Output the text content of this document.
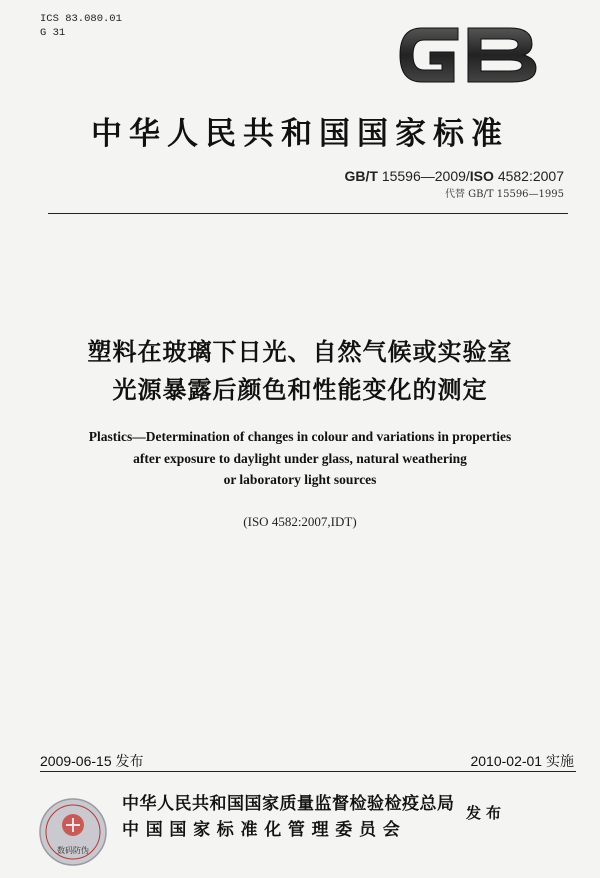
ICS 83.080.01
G 31
中华人民共和国国家标准
GB/T 15596—2009/ISO 4582:2007
代替 GB/T 15596—1995
塑料在玻璃下日光、自然气候或实验室
光源暴露后颜色和性能变化的测定
Plastics—Determination of changes in colour and variations in properties
after exposure to daylight under glass, natural weathering
or laboratory light sources
(ISO 4582:2007,IDT)
2009-06-15 发布	2010-02-01 实施
数码防伪
中华人民共和国国家质量监督检验检疫总局
中国国家标准化管理委员会
发布
